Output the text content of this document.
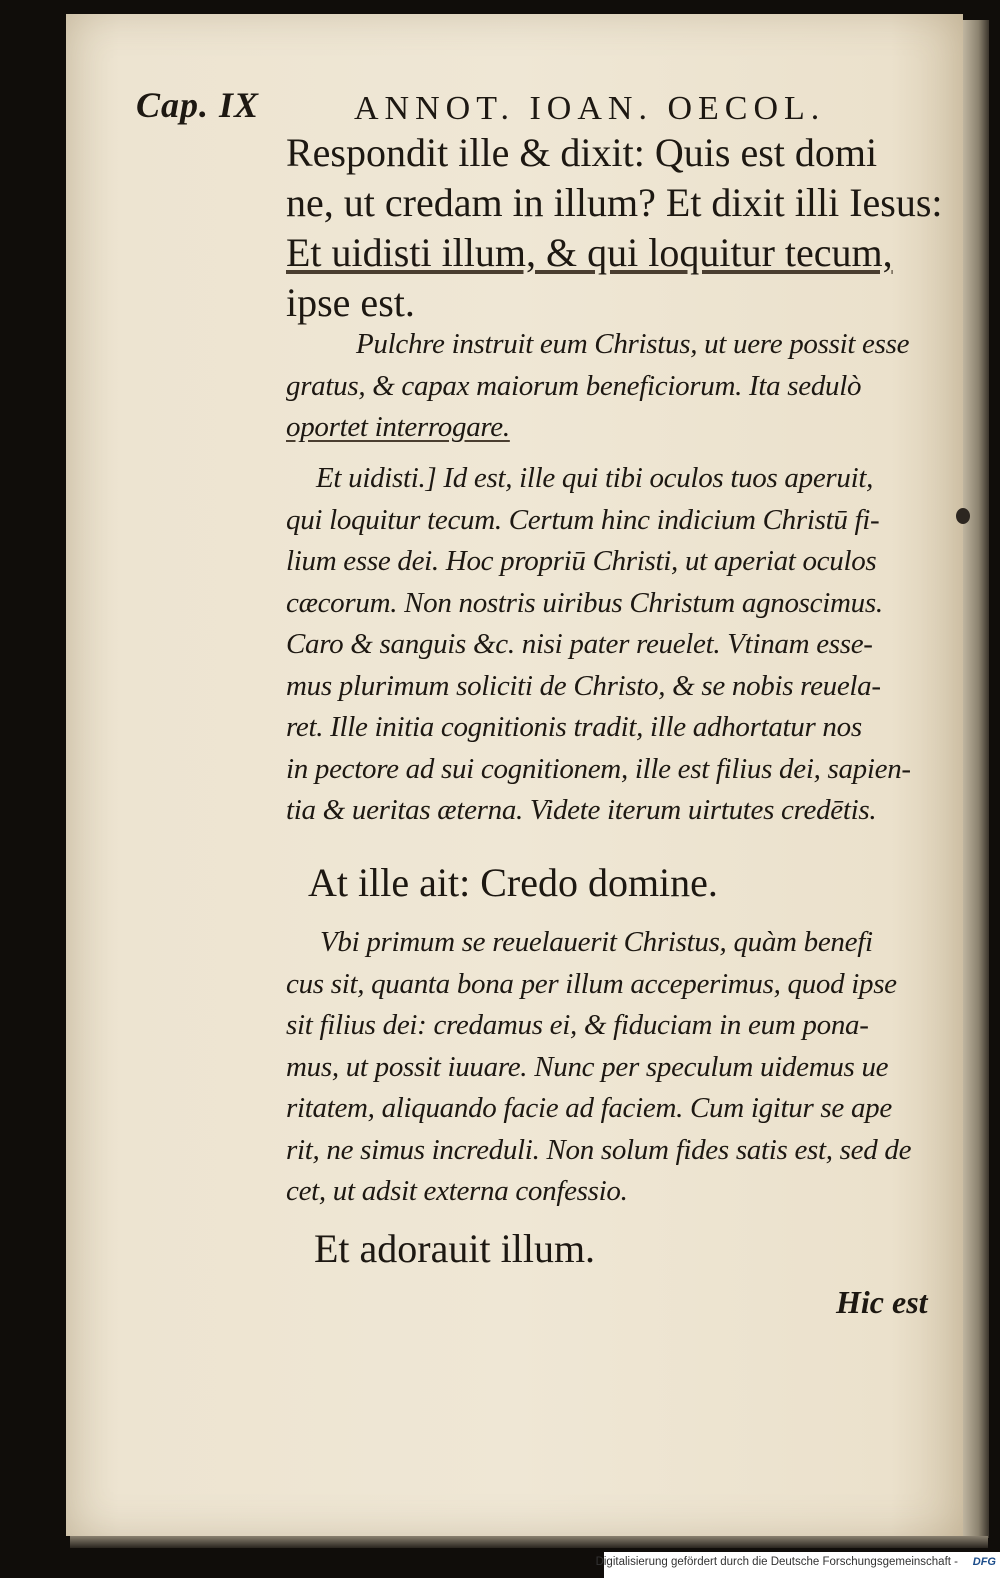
Cap. IX	ANNOT. IOAN. OECOL.
Respondit ille & dixit: Quis est domi
ne, ut credam in illum? Et dixit illi Iesus:
Et uidisti illum, & qui loquitur tecum,
ipse est.
Pulchre instruit eum Christus, ut uere possit esse
gratus, & capax maiorum beneficiorum. Ita sedulò
oportet interrogare.
Et uidisti.] Id est, ille qui tibi oculos tuos aperuit,
qui loquitur tecum. Certum hinc indicium Christū fi-
lium esse dei. Hoc propriū Christi, ut aperiat oculos
cæcorum. Non nostris uiribus Christum agnoscimus.
Caro & sanguis &c. nisi pater reuelet. Vtinam esse-
mus plurimum soliciti de Christo, & se nobis reuela-
ret. Ille initia cognitionis tradit, ille adhortatur nos
in pectore ad sui cognitionem, ille est filius dei, sapien-
tia & ueritas æterna. Videte iterum uirtutes credētis.
At ille ait: Credo domine.
Vbi primum se reuelauerit Christus, quàm benefi
cus sit, quanta bona per illum acceperimus, quod ipse
sit filius dei: credamus ei, & fiduciam in eum pona-
mus, ut possit iuuare. Nunc per speculum uidemus ue
ritatem, aliquando facie ad faciem. Cum igitur se ape
rit, ne simus increduli. Non solum fides satis est, sed de
cet, ut adsit externa confessio.
Et adorauit illum.
Hic est
Digitalisierung gefördert durch die Deutsche Forschungsgemeinschaft - DFG
